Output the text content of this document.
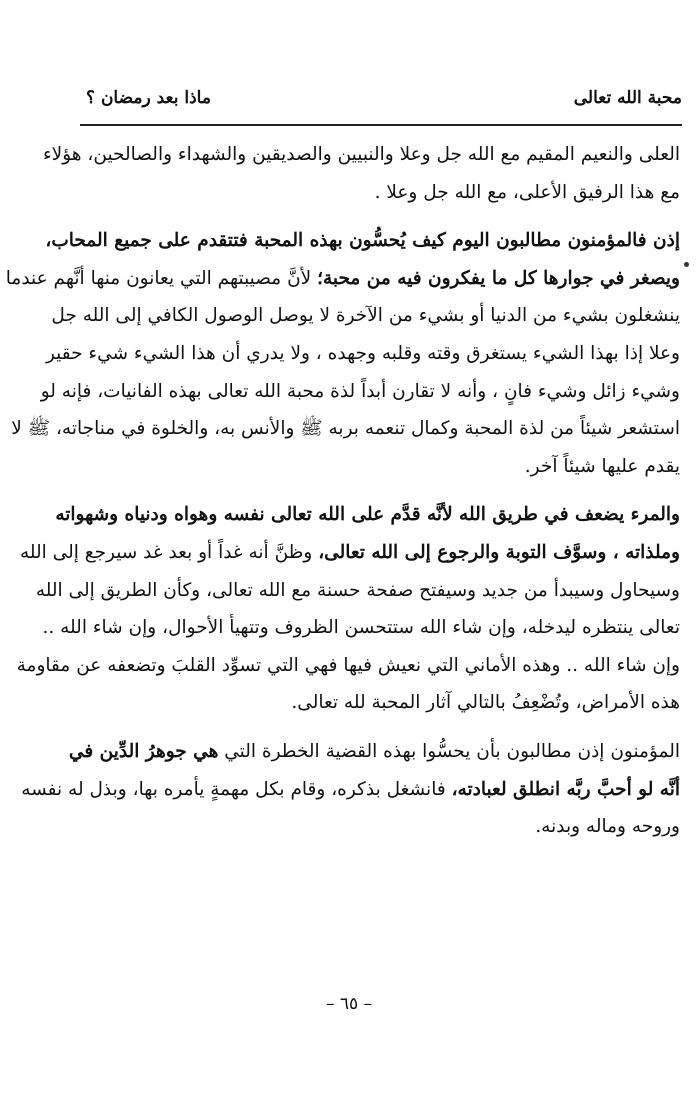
محبة الله تعالى
ماذا بعد رمضان ؟
العلى والنعيم المقيم مع الله جل وعلا والنبيين والصديقين والشهداء والصالحين، هؤلاء
مع هذا الرفيق الأعلى، مع الله جل وعلا .
إذن فالمؤمنون مطالبون اليوم كيف يُحسُّون بهذه المحبة فتتقدم على جميع المحاب،
ويصغر في جوارها كل ما يفكرون فيه من محبة؛ لأنَّ مصيبتهم التي يعانون منها أنَّهم عندما
ينشغلون بشيء من الدنيا أو بشيء من الآخرة لا يوصل الوصول الكافي إلى الله جل
وعلا إذا بهذا الشيء يستغرق وقته وقلبه وجهده ، ولا يدري أن هذا الشيء شيء حقير
وشيء زائل وشيء فانٍ ، وأنه لا تقارن أبداً لذة محبة الله تعالى بهذه الفانيات، فإنه لو
استشعر شيئاً من لذة المحبة وكمال تنعمه بربه ﷺ والأنس به، والخلوة في مناجاته، ﷺ لا
يقدم عليها شيئاً آخر.
والمرء يضعف في طريق الله لأنَّه قدَّم على الله تعالى نفسه وهواه ودنياه وشهواته
وملذاته ، وسوَّف التوبة والرجوع إلى الله تعالى، وظنَّ أنه غداً أو بعد غد سيرجع إلى الله
وسيحاول وسيبدأ من جديد وسيفتح صفحة حسنة مع الله تعالى، وكأن الطريق إلى الله
تعالى ينتظره ليدخله، وإن شاء الله ستتحسن الظروف وتتهيأ الأحوال، وإن شاء الله ..
وإن شاء الله .. وهذه الأماني التي نعيش فيها فهي التي تسوِّد القلبَ وتضعفه عن مقاومة
هذه الأمراض، وتُضْعِفُ بالتالي آثار المحبة لله تعالى.
المؤمنون إذن مطالبون بأن يحسُّوا بهذه القضية الخطرة التي هي جوهرُ الدِّين في
أنَّه لو أحبَّ ربَّه انطلق لعبادته، فانشغل بذكره، وقام بكل مهمةٍ يأمره بها، وبذل له نفسه
وروحه وماله وبدنه.
– ٦٥ –
